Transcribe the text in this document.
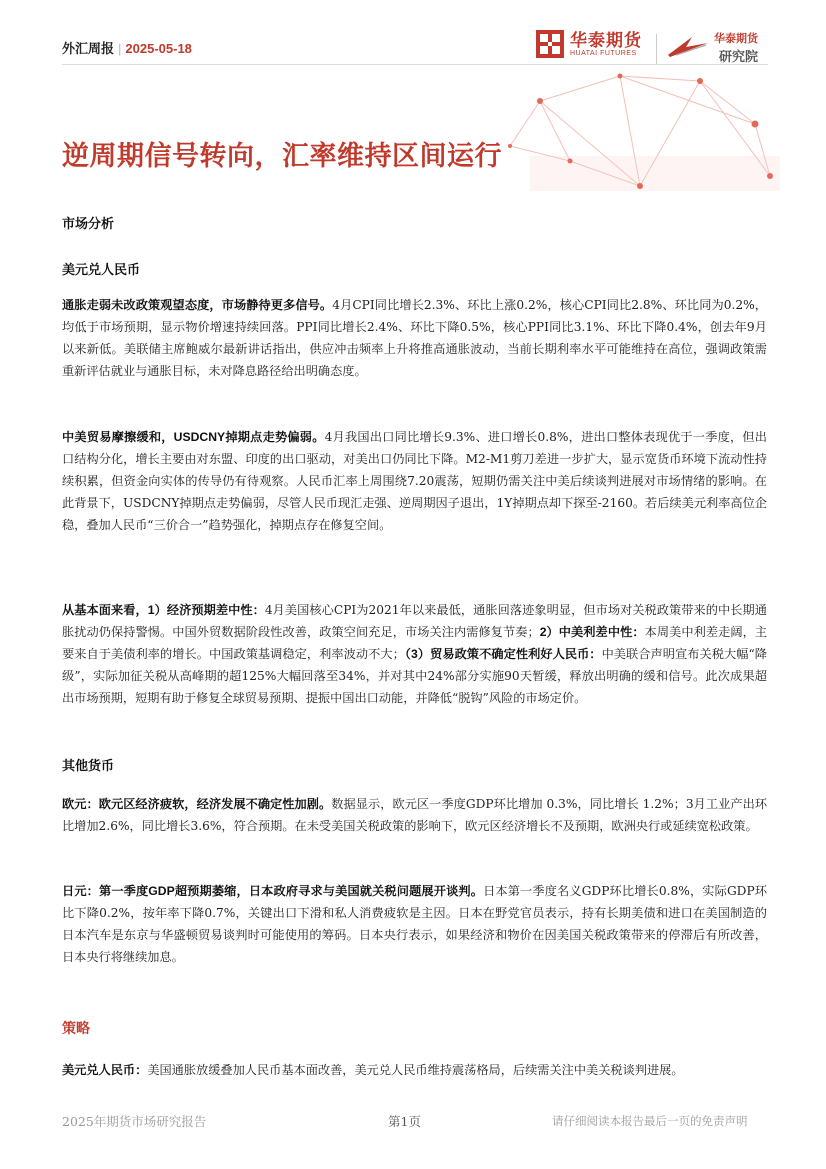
外汇周报 | 2025-05-18	华泰期货
HUATAI FUTURES
华泰期货
研究院
逆周期信号转向，汇率维持区间运行
市场分析
美元兑人民币
通胀走弱未改政策观望态度，市场静待更多信号。4月CPI同比增长2.3%、环比上涨0.2%，核心CPI同比2.8%、环比同为0.2%，均低于市场预期，显示物价增速持续回落。PPI同比增长2.4%、环比下降0.5%，核心PPI同比3.1%、环比下降0.4%，创去年9月以来新低。美联储主席鲍威尔最新讲话指出，供应冲击频率上升将推高通胀波动，当前长期利率水平可能维持在高位，强调政策需重新评估就业与通胀目标，未对降息路径给出明确态度。
中美贸易摩擦缓和，USDCNY掉期点走势偏弱。4月我国出口同比增长9.3%、进口增长0.8%，进出口整体表现优于一季度，但出口结构分化，增长主要由对东盟、印度的出口驱动，对美出口仍同比下降。M2-M1剪刀差进一步扩大，显示宽货币环境下流动性持续积累，但资金向实体的传导仍有待观察。人民币汇率上周围绕7.20震荡，短期仍需关注中美后续谈判进展对市场情绪的影响。在此背景下，USDCNY掉期点走势偏弱，尽管人民币现汇走强、逆周期因子退出，1Y掉期点却下探至-2160。若后续美元利率高位企稳，叠加人民币“三价合一”趋势强化，掉期点存在修复空间。
从基本面来看，1）经济预期差中性：4月美国核心CPI为2021年以来最低，通胀回落迹象明显，但市场对关税政策带来的中长期通胀扰动仍保持警惕。中国外贸数据阶段性改善，政策空间充足，市场关注内需修复节奏；2）中美利差中性：本周美中利差走阔，主要来自于美债利率的增长。中国政策基调稳定，利率波动不大；（3）贸易政策不确定性利好人民币：中美联合声明宣布关税大幅“降级”，实际加征关税从高峰期的超125%大幅回落至34%，并对其中24%部分实施90天暂缓，释放出明确的缓和信号。此次成果超出市场预期，短期有助于修复全球贸易预期、提振中国出口动能，并降低“脱钩”风险的市场定价。
其他货币
欧元：欧元区经济疲软，经济发展不确定性加剧。数据显示，欧元区一季度GDP环比增加 0.3%，同比增长 1.2%；3月工业产出环比增加2.6%，同比增长3.6%，符合预期。在未受美国关税政策的影响下，欧元区经济增长不及预期，欧洲央行或延续宽松政策。
日元：第一季度GDP超预期萎缩，日本政府寻求与美国就关税问题展开谈判。日本第一季度名义GDP环比增长0.8%，实际GDP环比下降0.2%，按年率下降0.7%，关键出口下滑和私人消费疲软是主因。日本在野党官员表示，持有长期美债和进口在美国制造的日本汽车是东京与华盛顿贸易谈判时可能使用的筹码。日本央行表示，如果经济和物价在因美国关税政策带来的停滞后有所改善，日本央行将继续加息。
策略
美元兑人民币：美国通胀放缓叠加人民币基本面改善，美元兑人民币维持震荡格局，后续需关注中美关税谈判进展。
2025年期货市场研究报告	第1页	请仔细阅读本报告最后一页的免责声明
